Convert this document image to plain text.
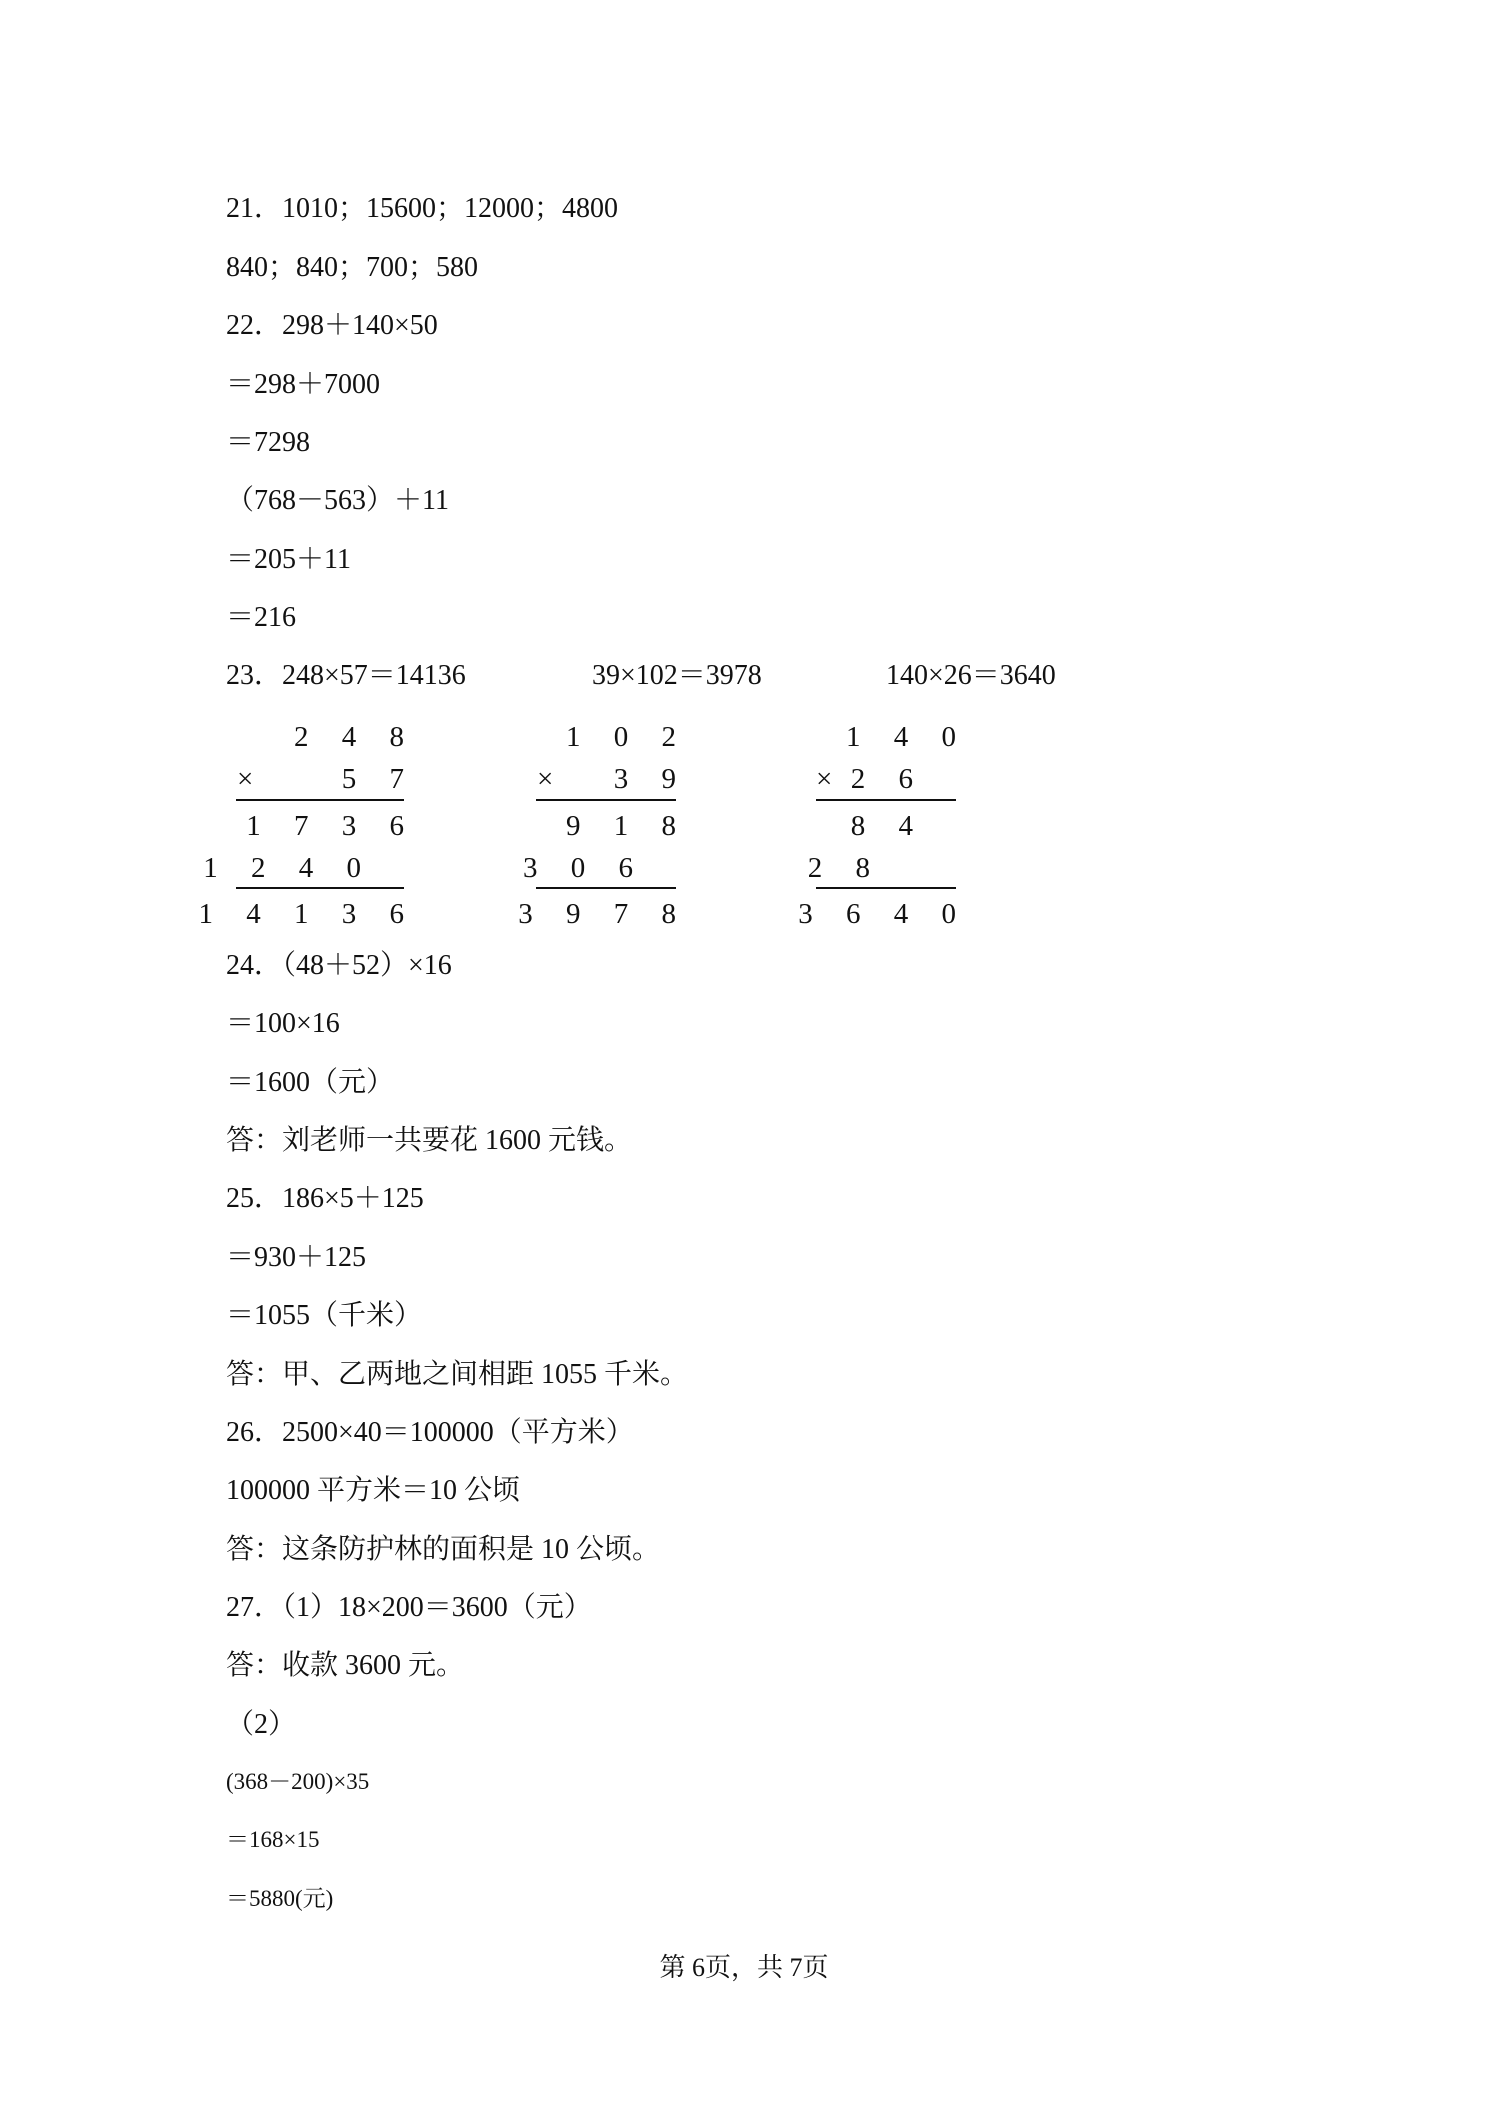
21．1010；15600；12000；4800
840；840；700；580
22．298＋140×50
＝298＋7000
＝7298
（768－563）＋11
＝205＋11
＝216
23．248×57＝14136	39×102＝3978	140×26＝3640
2 4 8
×	5 7
1 7 3 6
1 2 4 0
1 4 1 3 6
1 0 2
× 3 9
9 1 8
3 0 6
3 9 7 8
1 4 0
× 2 6
8 4
2 8
3 6 4 0
24．（48＋52）×16
＝100×16
＝1600（元）
答：刘老师一共要花 1600 元钱。
25．186×5＋125
＝930＋125
＝1055（千米）
答：甲、乙两地之间相距 1055 千米。
26．2500×40＝100000（平方米）
100000 平方米＝10 公顷
答：这条防护林的面积是 10 公顷。
27．（1）18×200＝3600（元）
答：收款 3600 元。
（2）
(368－200)×35
＝168×15
＝5880(元)
第 6页，共 7页
